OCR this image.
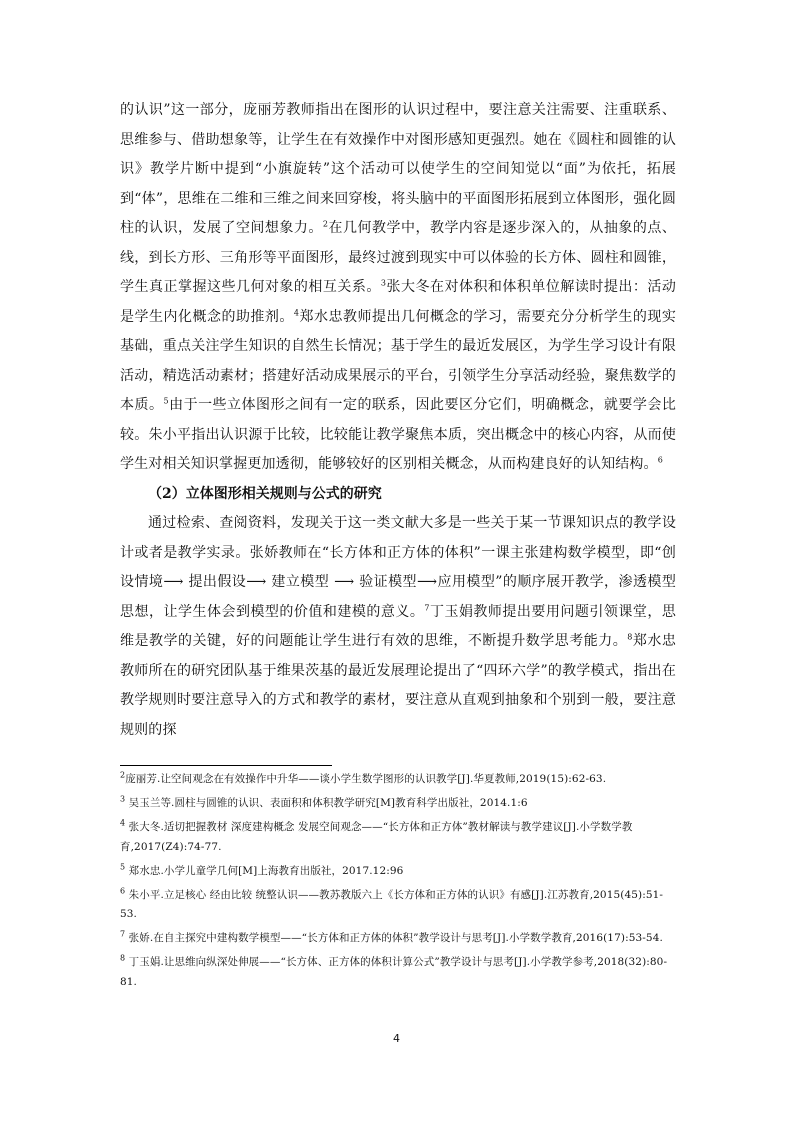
的认识”这一部分，庞丽芳教师指出在图形的认识过程中，要注意关注需要、注重联系、思维参与、借助想象等，让学生在有效操作中对图形感知更强烈。她在《圆柱和圆锥的认识》教学片断中提到“小旗旋转”这个活动可以使学生的空间知觉以“面”为依托，拓展到“体”，思维在二维和三维之间来回穿梭，将头脑中的平面图形拓展到立体图形，强化圆柱的认识，发展了空间想象力。$^2$在几何教学中，教学内容是逐步深入的，从抽象的点、线，到长方形、三角形等平面图形，最终过渡到现实中可以体验的长方体、圆柱和圆锥，学生真正掌握这些几何对象的相互关系。$^3$张大冬在对体积和体积单位解读时提出：活动是学生内化概念的助推剂。$^4$郑水忠教师提出几何概念的学习，需要充分分析学生的现实基础，重点关注学生知识的自然生长情况；基于学生的最近发展区，为学生学习设计有限活动，精选活动素材；搭建好活动成果展示的平台，引领学生分享活动经验，聚焦数学的本质。$^5$由于一些立体图形之间有一定的联系，因此要区分它们，明确概念，就要学会比较。朱小平指出认识源于比较，比较能让教学聚焦本质，突出概念中的核心内容，从而使学生对相关知识掌握更加透彻，能够较好的区别相关概念，从而构建良好的认知结构。$^6$

（2）立体图形相关规则与公式的研究

通过检索、查阅资料，发现关于这一类文献大多是一些关于某一节课知识点的教学设计或者是教学实录。张娇教师在“长方体和正方体的体积”一课主张建构数学模型，即“创设情境⟶ 提出假设⟶ 建立模型 ⟶ 验证模型⟶应用模型”的顺序展开教学，渗透模型思想，让学生体会到模型的价值和建模的意义。$^7$丁玉娟教师提出要用问题引领课堂，思维是教学的关键，好的问题能让学生进行有效的思维，不断提升数学思考能力。$^8$郑水忠教师所在的研究团队基于维果茨基的最近发展理论提出了“四环六学”的教学模式，指出在教学规则时要注意导入的方式和教学的素材，要注意从直观到抽象和个别到一般，要注意规则的探

$^2$庞丽芳.让空间观念在有效操作中升华——谈小学生数学图形的认识教学[J].华夏教师,2019(15):62-63.

$^3$ 吴玉兰等.圆柱与圆锥的认识、表面积和体积教学研究[M]教育科学出版社，2014.1:6

$^4$ 张大冬.适切把握教材 深度建构概念 发展空间观念——“长方体和正方体”教材解读与教学建议[J].小学数学教育,2017(Z4):74-77.

$^5$ 郑水忠.小学儿童学几何[M]上海教育出版社，2017.12:96

$^6$ 朱小平.立足核心 经由比较 统整认识——教苏教版六上《长方体和正方体的认识》有感[J].江苏教育,2015(45):51-53.

$^7$ 张娇.在自主探究中建构数学模型——“长方体和正方体的体积”教学设计与思考[J].小学数学教育,2016(17):53-54.

$^8$ 丁玉娟.让思维向纵深处伸展——“长方体、正方体的体积计算公式”教学设计与思考[J].小学教学参考,2018(32):80-81.

4
